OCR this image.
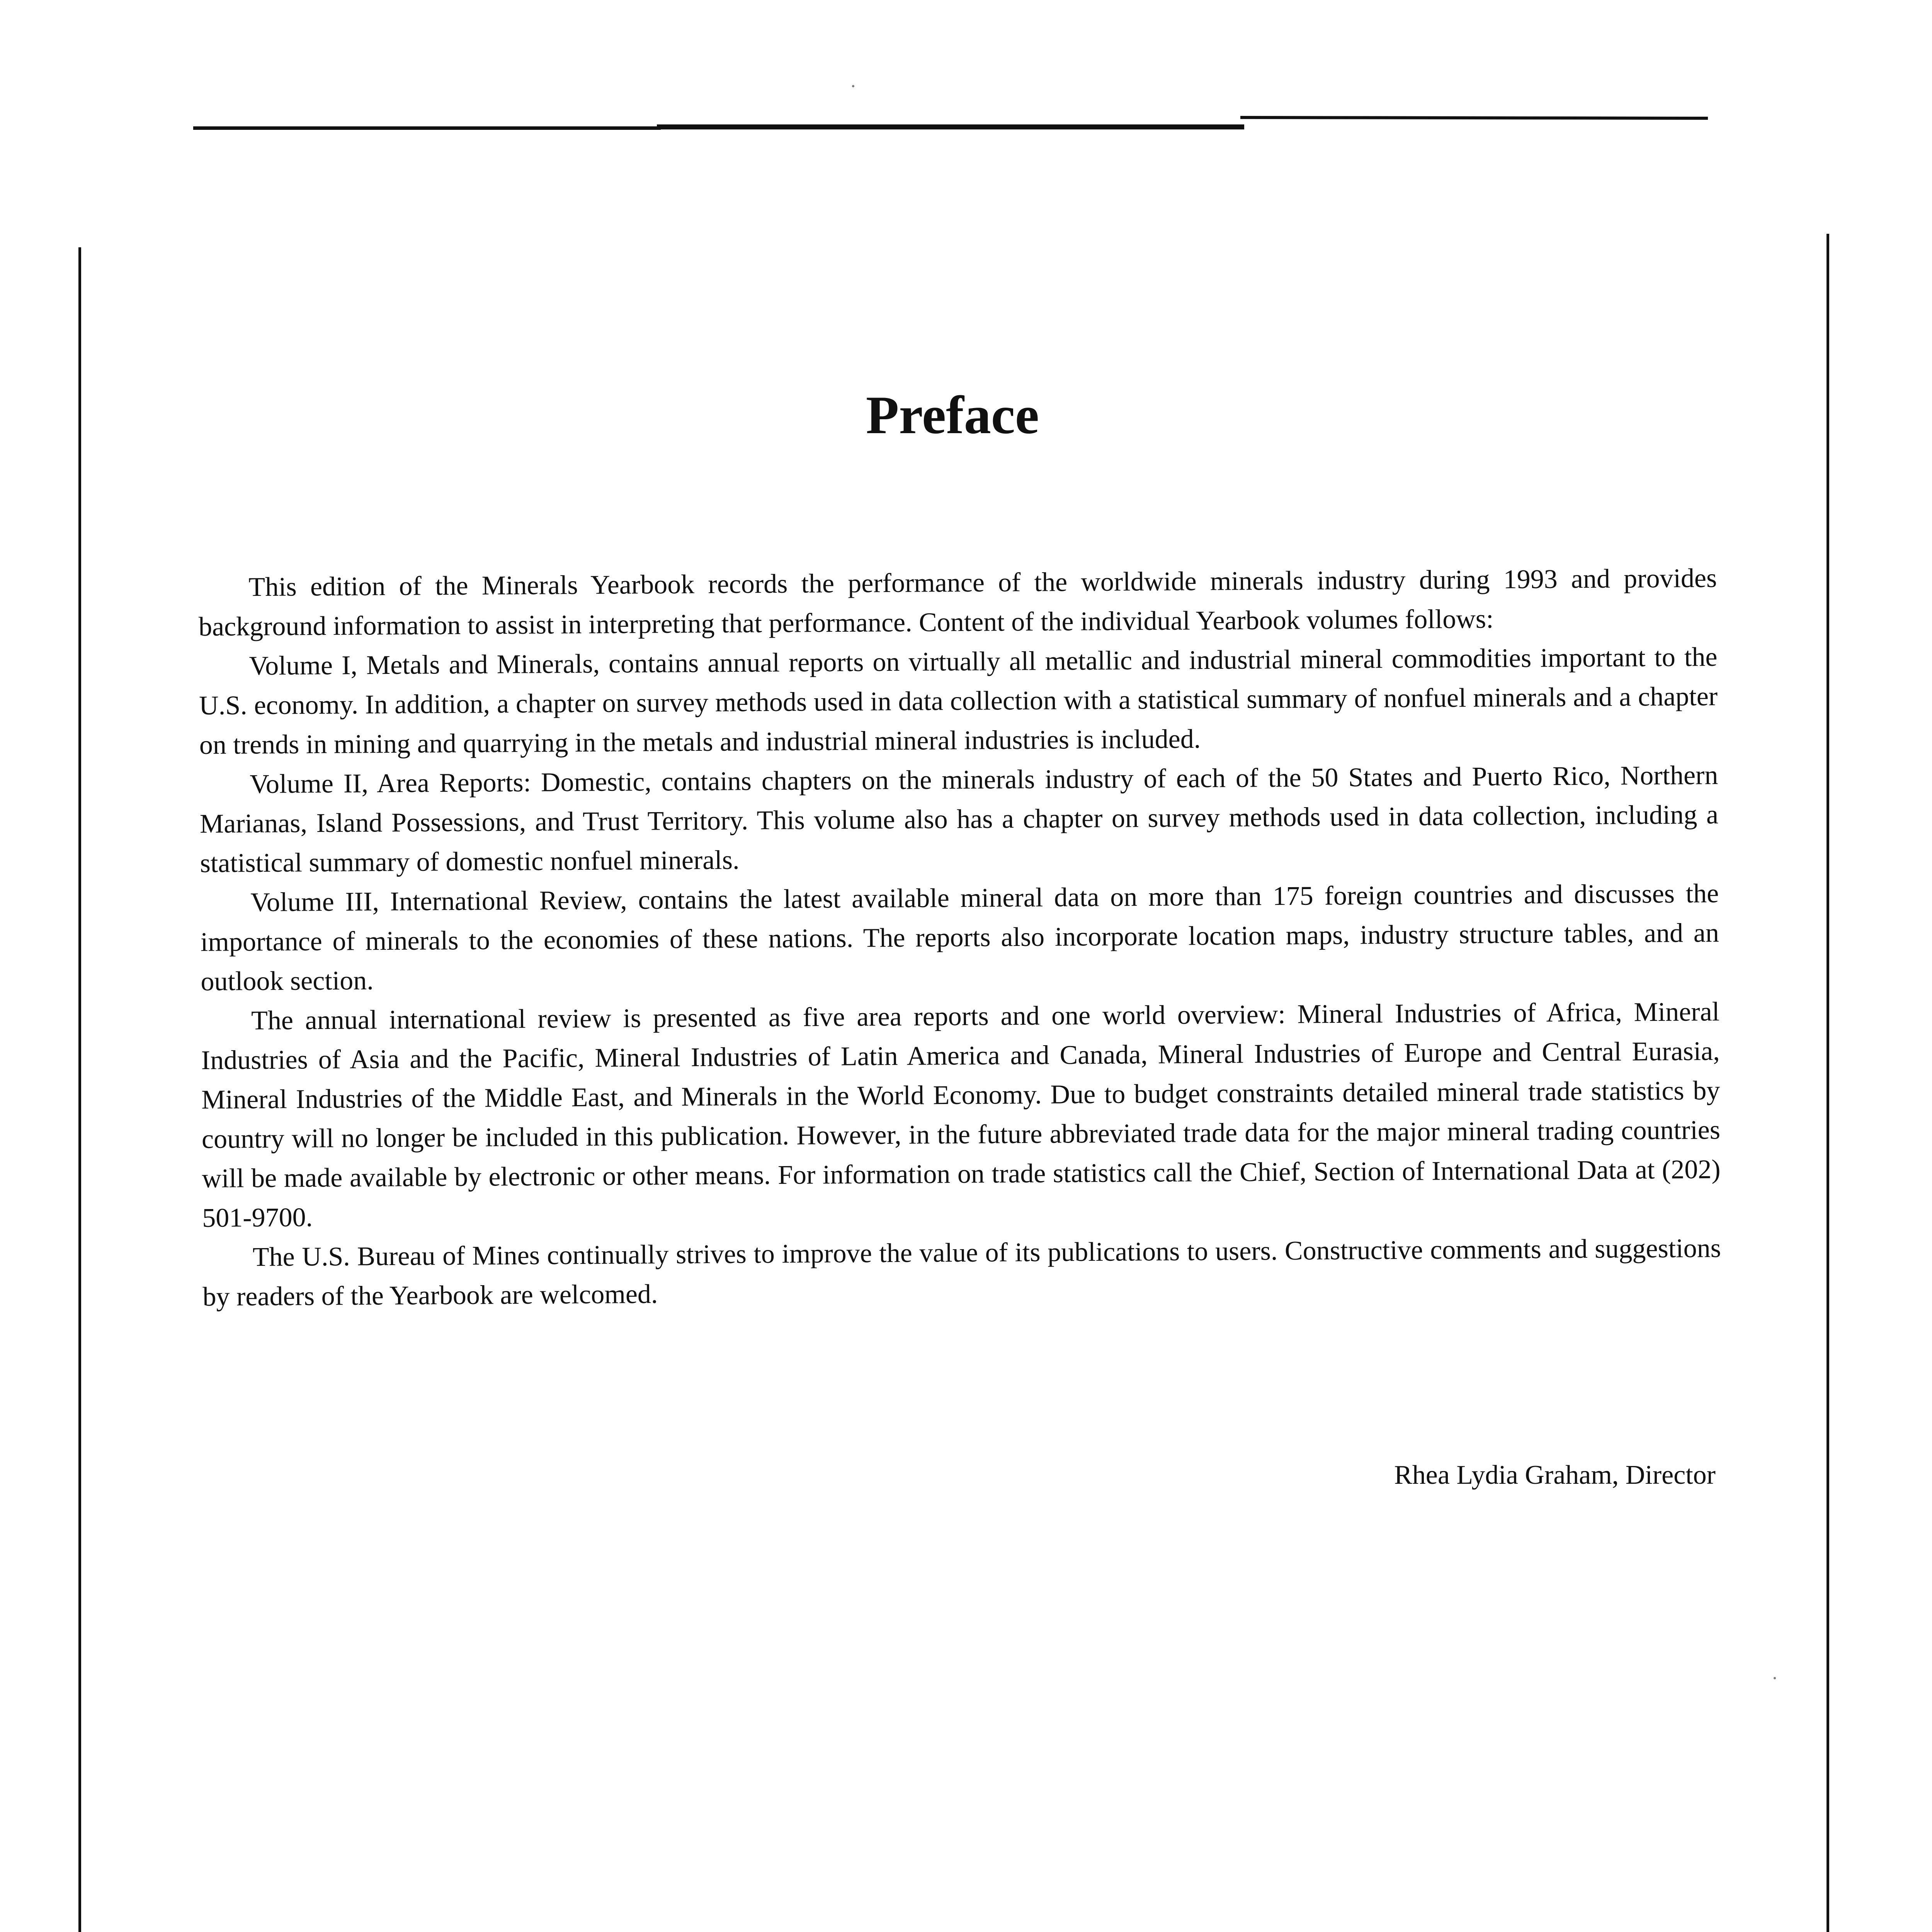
Preface

This edition of the Minerals Yearbook records the performance of the worldwide minerals industry during 1993 and provides background information to assist in interpreting that performance. Content of the individual Yearbook volumes follows:

Volume I, Metals and Minerals, contains annual reports on virtually all metallic and industrial mineral commodities important to the U.S. economy. In addition, a chapter on survey methods used in data collection with a statistical summary of nonfuel minerals and a chapter on trends in mining and quarrying in the metals and industrial mineral industries is included.

Volume II, Area Reports: Domestic, contains chapters on the minerals industry of each of the 50 States and Puerto Rico, Northern Marianas, Island Possessions, and Trust Territory. This volume also has a chapter on survey methods used in data collection, including a statistical summary of domestic nonfuel minerals.

Volume III, International Review, contains the latest available mineral data on more than 175 foreign countries and discusses the importance of minerals to the economies of these nations. The reports also incorporate location maps, industry structure tables, and an outlook section.

The annual international review is presented as five area reports and one world overview: Mineral Industries of Africa, Mineral Industries of Asia and the Pacific, Mineral Industries of Latin America and Canada, Mineral Industries of Europe and Central Eurasia, Mineral Industries of the Middle East, and Minerals in the World Economy. Due to budget constraints detailed mineral trade statistics by country will no longer be included in this publication. However, in the future abbreviated trade data for the major mineral trading countries will be made available by electronic or other means. For information on trade statistics call the Chief, Section of International Data at (202) 501-9700.

The U.S. Bureau of Mines continually strives to improve the value of its publications to users. Constructive comments and suggestions by readers of the Yearbook are welcomed.

Rhea Lydia Graham, Director
